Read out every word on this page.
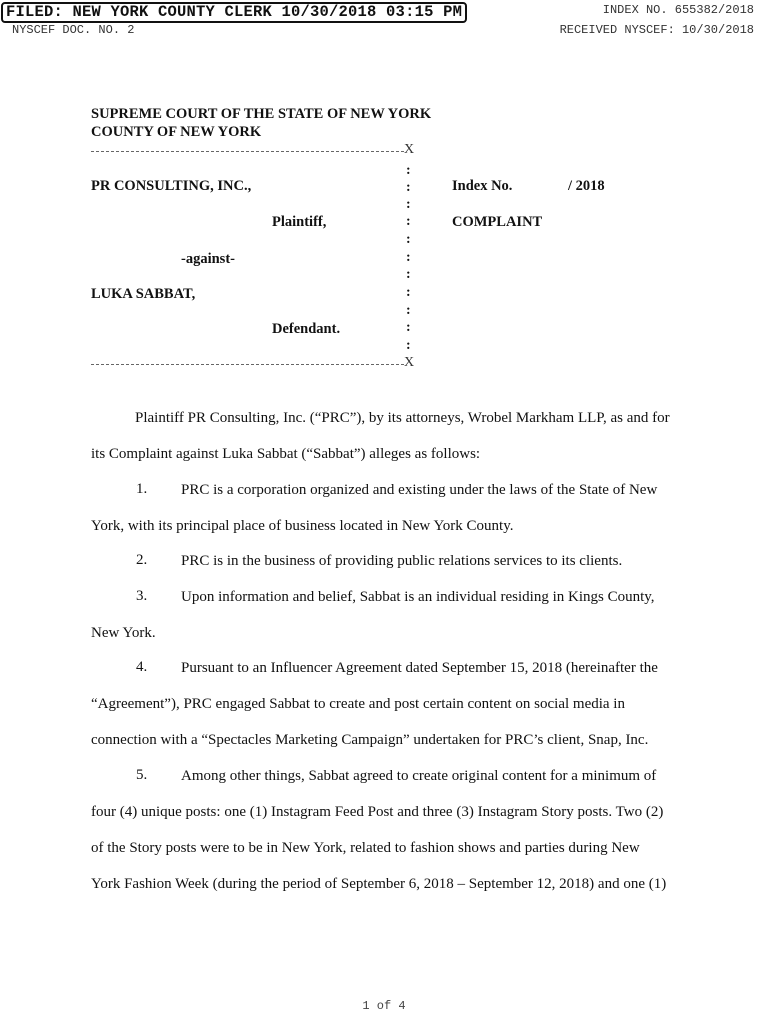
FILED: NEW YORK COUNTY CLERK 10/30/2018 03:15 PM
NYSCEF DOC. NO. 2
INDEX NO. 655382/2018
RECEIVED NYSCEF: 10/30/2018
SUPREME COURT OF THE STATE OF NEW YORK
COUNTY OF NEW YORK
X
:
:
:
:
:
:
:
:
:
:
:
PR CONSULTING, INC.,
Plaintiff,
-against-
LUKA SABBAT,
Defendant.
Index No.	/ 2018
COMPLAINT
X
Plaintiff PR Consulting, Inc. (“PRC”), by its attorneys, Wrobel Markham LLP, as and for
its Complaint against Luka Sabbat (“Sabbat”) alleges as follows:
1. PRC is a corporation organized and existing under the laws of the State of New
York, with its principal place of business located in New York County.
2. PRC is in the business of providing public relations services to its clients.
3. Upon information and belief, Sabbat is an individual residing in Kings County,
New York.
4. Pursuant to an Influencer Agreement dated September 15, 2018 (hereinafter the
“Agreement”), PRC engaged Sabbat to create and post certain content on social media in
connection with a “Spectacles Marketing Campaign” undertaken for PRC’s client, Snap, Inc.
5. Among other things, Sabbat agreed to create original content for a minimum of
four (4) unique posts: one (1) Instagram Feed Post and three (3) Instagram Story posts. Two (2)
of the Story posts were to be in New York, related to fashion shows and parties during New
York Fashion Week (during the period of September 6, 2018 – September 12, 2018) and one (1)
1 of 4
